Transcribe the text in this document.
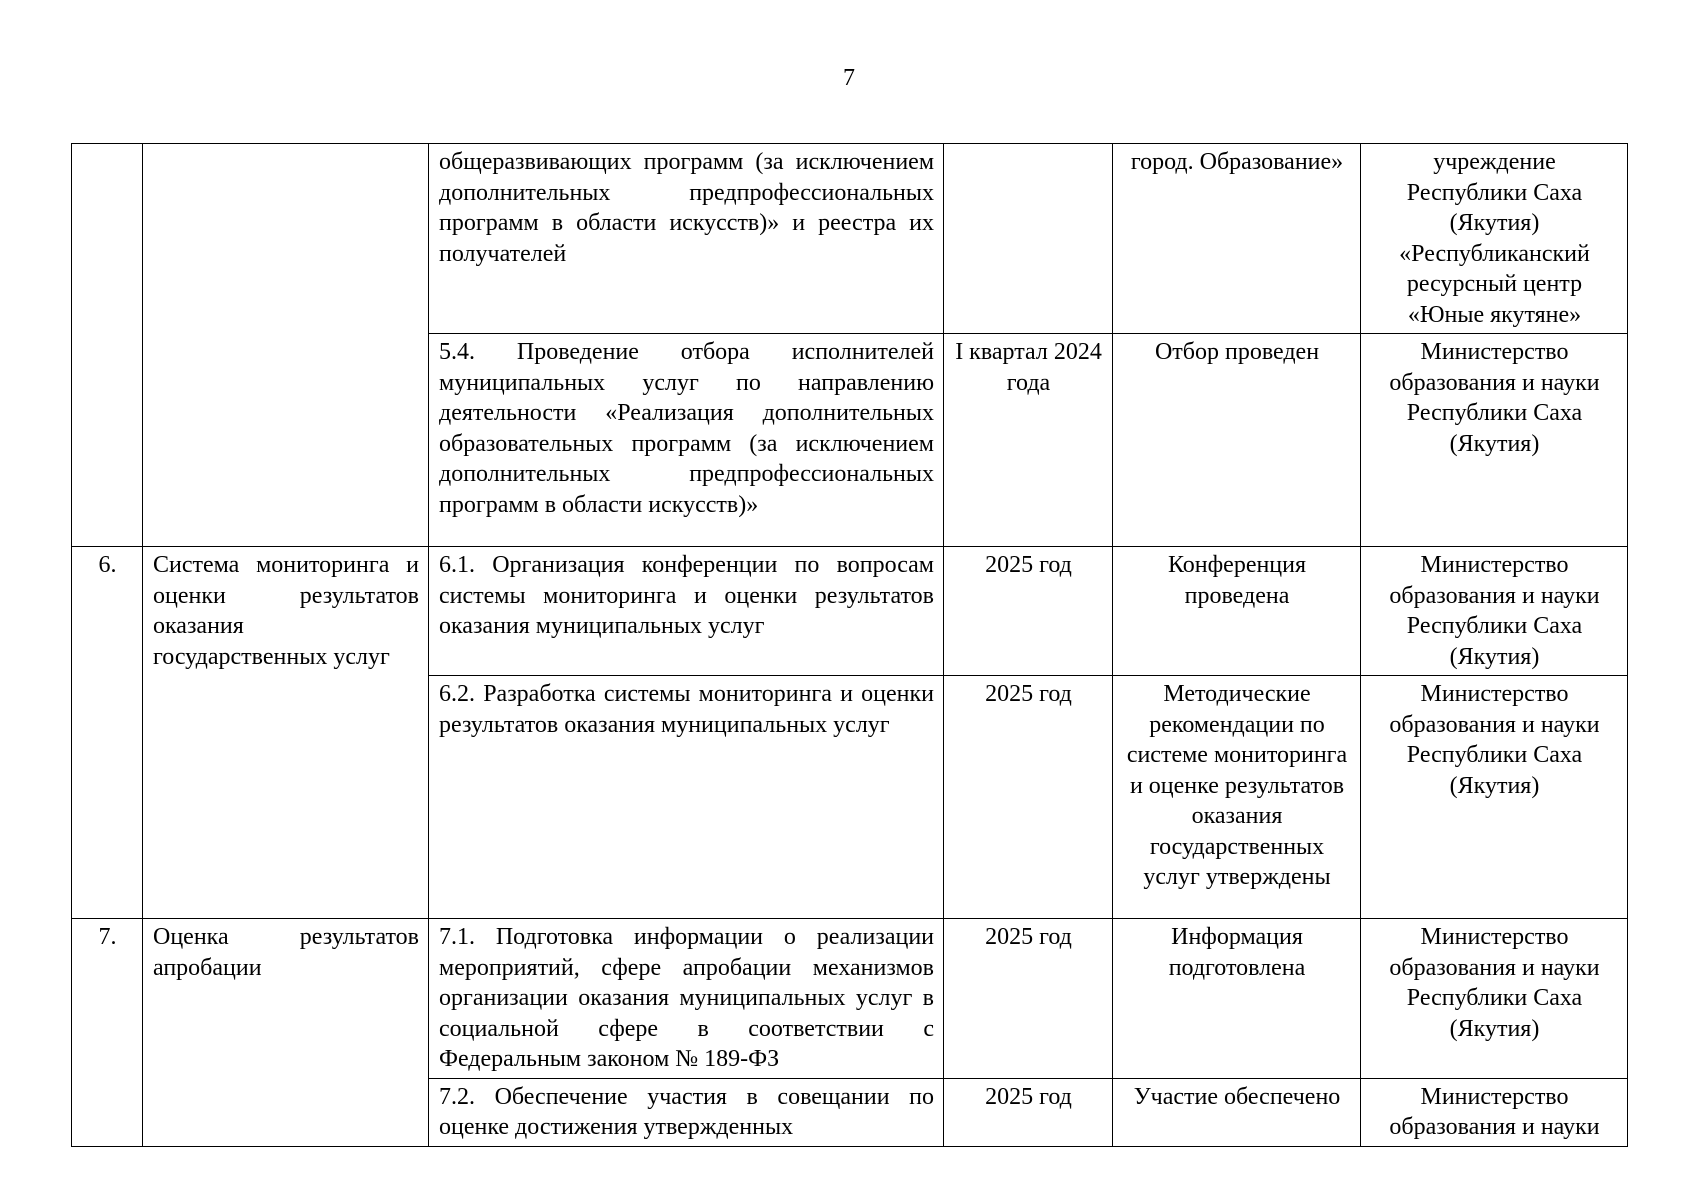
7
		общеразвивающих программ (за исключением дополнительных предпрофессиональных программ в области искусств)» и реестра их получателей		город. Образование»	учреждение Республики Саха (Якутия) «Республиканский ресурсный центр «Юные якутяне»
		5.4. Проведение отбора исполнителей муниципальных услуг по направлению деятельности «Реализация дополнительных образовательных программ (за исключением дополнительных предпрофессиональных программ в области искусств)»	I квартал 2024 года	Отбор проведен	Министерство образования и науки Республики Саха (Якутия)
6.	Система мониторинга и оценки результатов оказания государственных услуг	6.1. Организация конференции по вопросам системы мониторинга и оценки результатов оказания муниципальных услуг	2025 год	Конференция проведена	Министерство образования и науки Республики Саха (Якутия)
		6.2. Разработка системы мониторинга и оценки результатов оказания муниципальных услуг	2025 год	Методические рекомендации по системе мониторинга и оценке результатов оказания государственных услуг утверждены	Министерство образования и науки Республики Саха (Якутия)
7.	Оценка результатов апробации	7.1. Подготовка информации о реализации мероприятий, сфере апробации механизмов организации оказания муниципальных услуг в социальной сфере в соответствии с Федеральным законом № 189-ФЗ	2025 год	Информация подготовлена	Министерство образования и науки Республики Саха (Якутия)
		7.2. Обеспечение участия в совещании по оценке достижения утвержденных	2025 год	Участие обеспечено	Министерство образования и науки
